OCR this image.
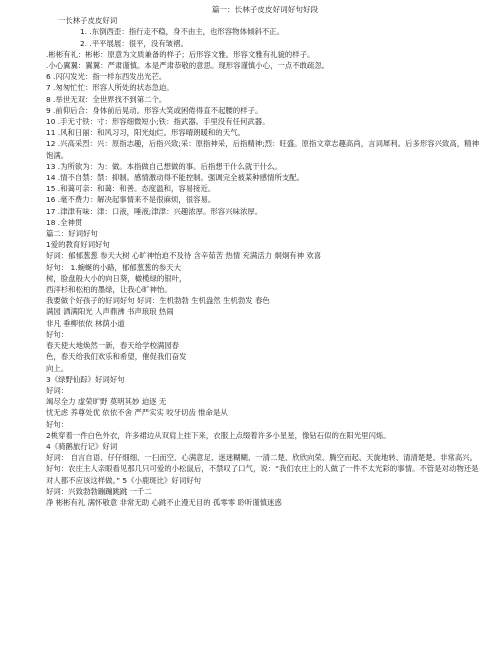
篇一：长林子皮皮好词好句好段
一长林子皮皮好词
1. .东倒西歪：指行走不稳，身不由主，也形容物体倾斜不正。
2. .平平展展：很平，没有皱褶。
.彬彬有礼：彬彬：原意为文质兼备的样子；后形容文雅。形容文雅有礼貌的样子。
.小心翼翼：翼翼：严肃谨慎。本是严肃恭敬的意思。现形容谨慎小心，一点不敢疏忽。
6 .闪闪发光：指一样东西发出光芒。
7 .匆匆忙忙：形容人所处的状态急迫。
8 .举世无双：全世界找不到第二个。
9 .前仰后合：身体前后晃动。形容大笑或困倦得直不起腰的样子。
10 .手无寸铁：寸：形容细微短小;铁：指武器。手里没有任何武器。
11 .风和日丽：和风习习，阳光灿烂。形容晴朗暖和的天气。
12 .兴高采烈：兴：原指志趣，后指兴致;采：原指神采，后指精神;烈：旺盛。原指文章志趣高尚，言词犀利。后多形容兴致高，精神饱满。
13 .为所欲为：为：做。本指做自己想做的事。后指想干什么就干什么。
14 .情不自禁：禁：抑制。感情激动得不能控制。强调完全被某种感情所支配。
15 .和蔼可亲：和蔼：和善。态度温和，容易接近。
16 .毫不费力：解决起事情来不是很麻烦，很容易。
17 .津津有味：津：口液，唾液;津津：兴趣浓厚。形容兴味浓厚。
18 .全神贯
篇二：好词好句
1爱的教育好词好句
好词：郁郁葱葱 参天大树 心旷神怡迫不及待 含辛茹苦 热情 充满活力 炯炯有神 欢喜
好句： 1.蜿蜒的小路，郁郁葱葱的参天大
树，脸盘般大小的向日葵，橄榄绿的银叶，
西洋杉和松柏的墨绿，让我心旷神怡。
我要做个好孩子的好词好句 好词：生机勃勃 生机盎然 生机勃发 春色
满园 洒满阳光 人声鼎沸 书声琅琅 热闹
非凡 垂柳依依 林荫小道
好句：
春天使大地焕然一新，春天给学校满园春
色，春天给我们欢乐和希望，催促我们奋发
向上。
3《绿野仙踪》好词好句
好词：
竭尽全力 虚荣旷野 莫明其妙 迫逐 无
忧无虑 养尊处优 依依不舍 严严实实 咬牙切齿 惟命是从
好句：
2桃穿着一件白色外衣，许多裙边从双肩上挂下来，衣服上点缀着许多小星星，像钻石似的在阳光里闪烁。
4《骑鹅旅行记》好词
好词： 自言自语、仔仔细细、一扫而空、心满意足、迷迷糊糊、一清二楚、欣欣向荣、腾空而起、天旋地转、清清楚楚、非常高兴。
好句：农庄主人亲眼看见那几只可爱的小松鼠后，不禁叹了口气，说：“我们农庄上的人做了一件不太光彩的事情。不管是对动物还是对人都不应该这样做。” 5《小鹿斑比》好词好句
好词：兴致勃勃蹦蹦跳跳 一千二
净 彬彬有礼 满怀敬意 非常无助 心跳不止漫无目的 孤零零 聆听谨慎迷惑
